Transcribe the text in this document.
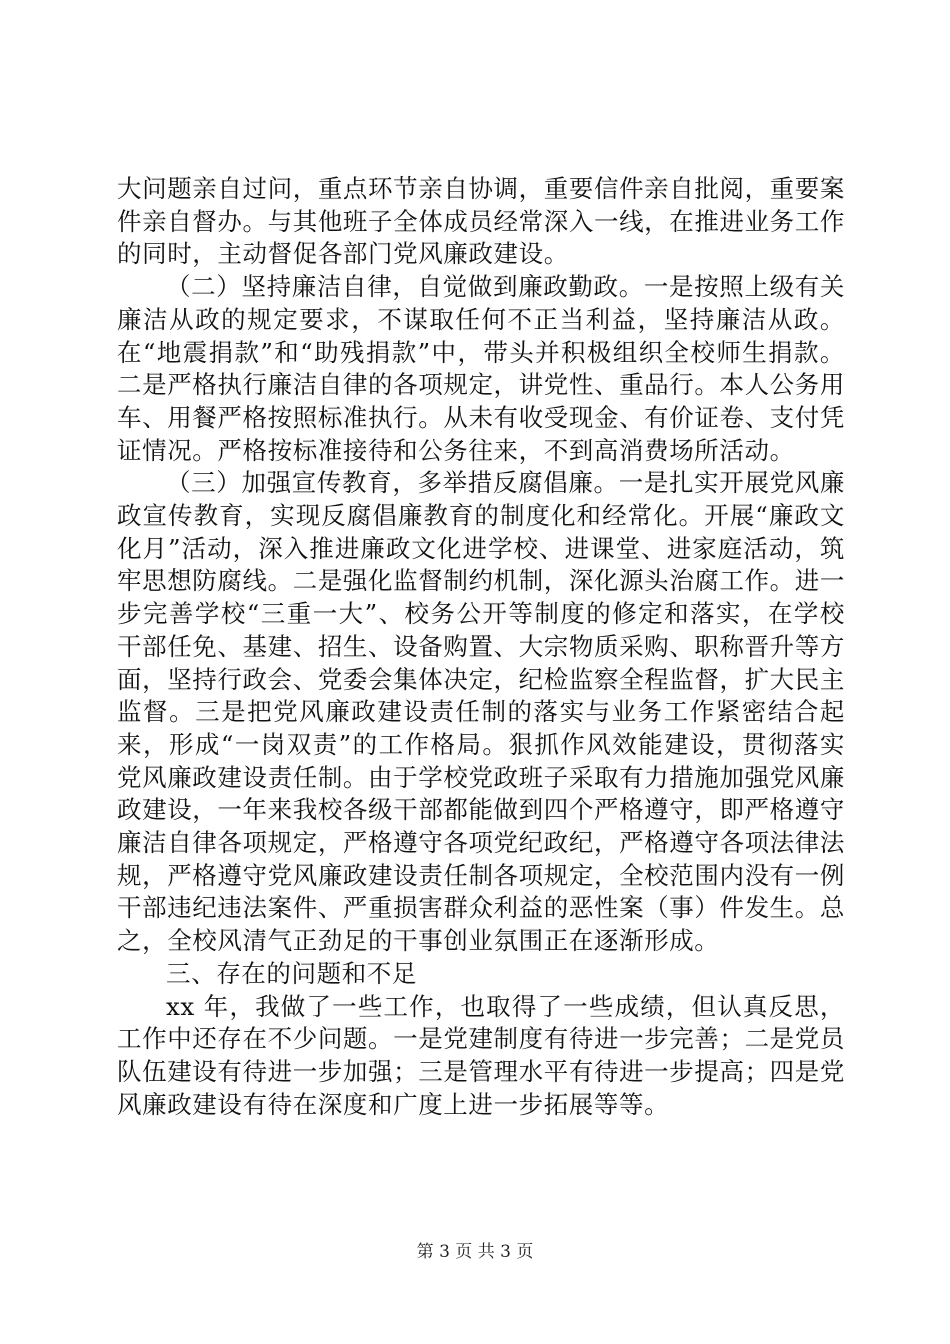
大问题亲自过问，重点环节亲自协调，重要信件亲自批阅，重要案件亲自督办。与其他班子全体成员经常深入一线，在推进业务工作的同时，主动督促各部门党风廉政建设。

（二）坚持廉洁自律，自觉做到廉政勤政。一是按照上级有关廉洁从政的规定要求，不谋取任何不正当利益，坚持廉洁从政。在“地震捐款”和“助残捐款”中，带头并积极组织全校师生捐款。二是严格执行廉洁自律的各项规定，讲党性、重品行。本人公务用车、用餐严格按照标准执行。从未有收受现金、有价证卷、支付凭证情况。严格按标准接待和公务往来，不到高消费场所活动。

（三）加强宣传教育，多举措反腐倡廉。一是扎实开展党风廉政宣传教育，实现反腐倡廉教育的制度化和经常化。开展“廉政文化月”活动，深入推进廉政文化进学校、进课堂、进家庭活动，筑牢思想防腐线。二是强化监督制约机制，深化源头治腐工作。进一步完善学校“三重一大”、校务公开等制度的修定和落实，在学校干部任免、基建、招生、设备购置、大宗物质采购、职称晋升等方面，坚持行政会、党委会集体决定，纪检监察全程监督，扩大民主监督。三是把党风廉政建设责任制的落实与业务工作紧密结合起来，形成“一岗双责”的工作格局。狠抓作风效能建设，贯彻落实党风廉政建设责任制。由于学校党政班子采取有力措施加强党风廉政建设，一年来我校各级干部都能做到四个严格遵守，即严格遵守廉洁自律各项规定，严格遵守各项党纪政纪，严格遵守各项法律法规，严格遵守党风廉政建设责任制各项规定，全校范围内没有一例干部违纪违法案件、严重损害群众利益的恶性案（事）件发生。总之，全校风清气正劲足的干事创业氛围正在逐渐形成。

三、存在的问题和不足

xx 年，我做了一些工作，也取得了一些成绩，但认真反思，工作中还存在不少问题。一是党建制度有待进一步完善；二是党员队伍建设有待进一步加强；三是管理水平有待进一步提高；四是党风廉政建设有待在深度和广度上进一步拓展等等。

第 3 页 共 3 页
